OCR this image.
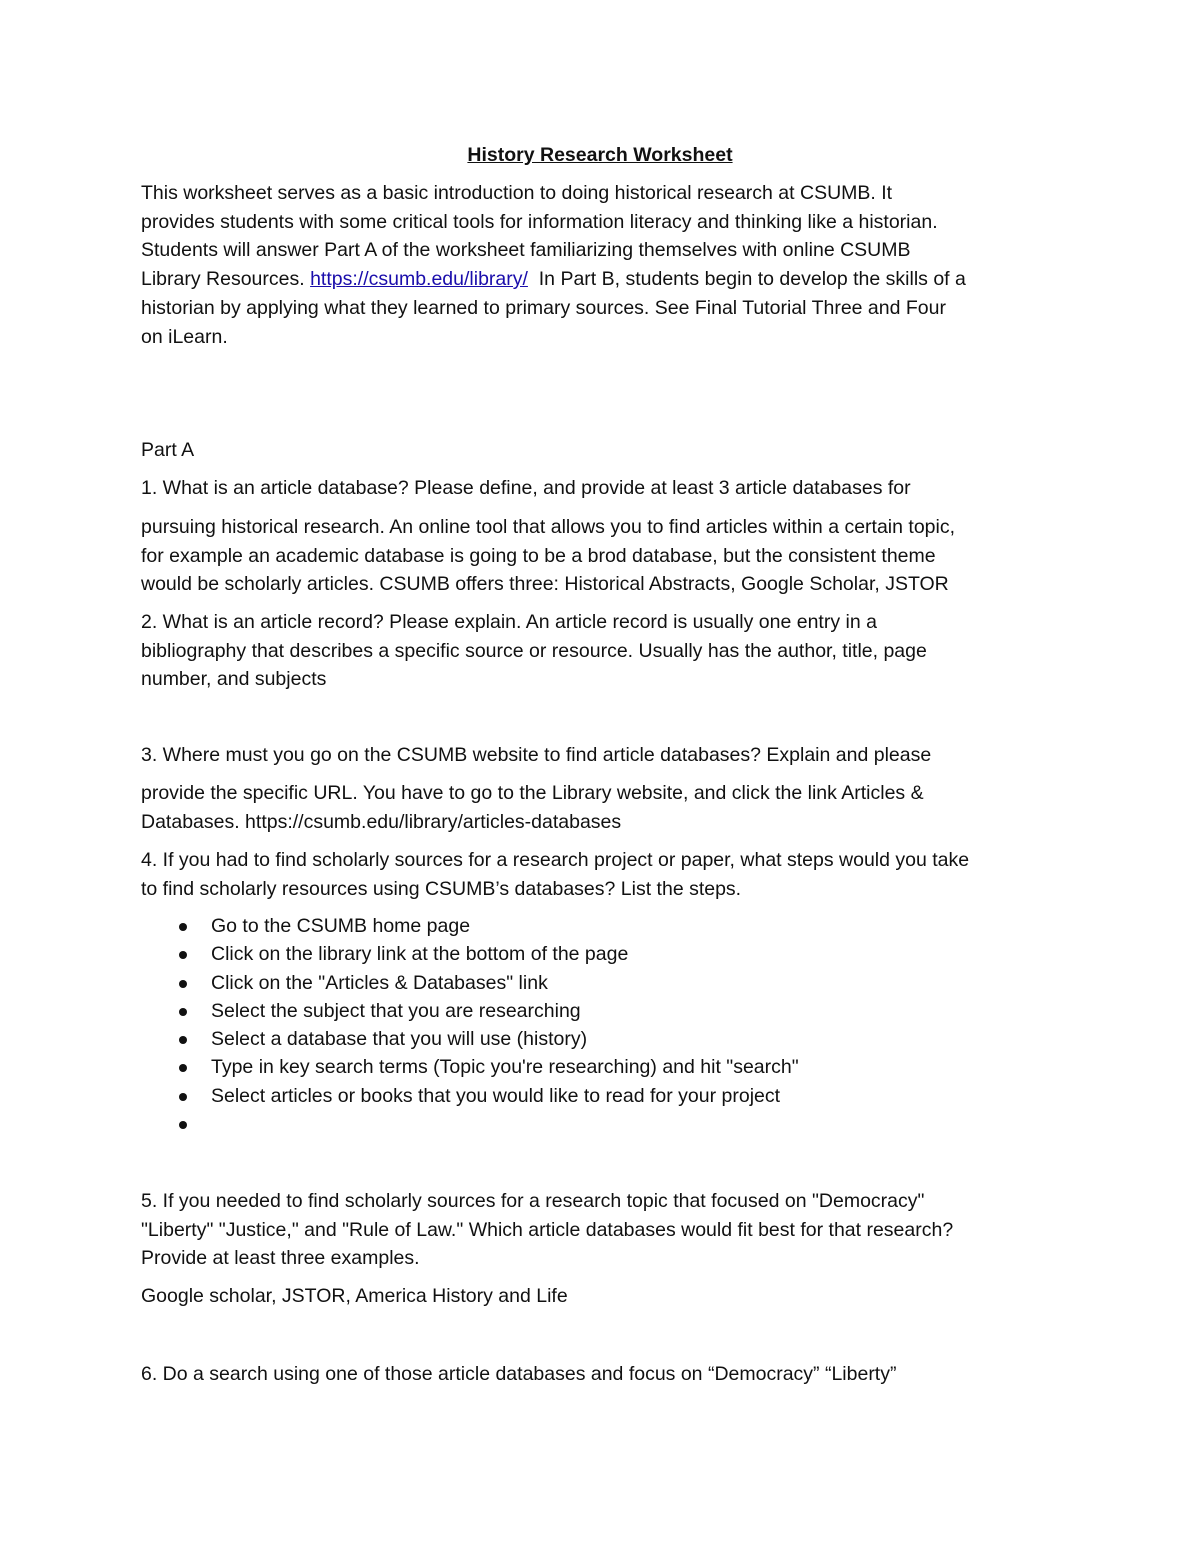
History Research Worksheet

This worksheet serves as a basic introduction to doing historical research at CSUMB. It
provides students with some critical tools for information literacy and thinking like a historian.
Students will answer Part A of the worksheet familiarizing themselves with online CSUMB
Library Resources. https://csumb.edu/library/  In Part B, students begin to develop the skills of a
historian by applying what they learned to primary sources. See Final Tutorial Three and Four
on iLearn.

Part A

1. What is an article database? Please define, and provide at least 3 article databases for

pursuing historical research. An online tool that allows you to find articles within a certain topic,
for example an academic database is going to be a brod database, but the consistent theme
would be scholarly articles. CSUMB offers three: Historical Abstracts, Google Scholar, JSTOR

2. What is an article record? Please explain. An article record is usually one entry in a
bibliography that describes a specific source or resource. Usually has the author, title, page
number, and subjects

3. Where must you go on the CSUMB website to find article databases? Explain and please

provide the specific URL. You have to go to the Library website, and click the link Articles &
Databases. https://csumb.edu/library/articles-databases

4. If you had to find scholarly sources for a research project or paper, what steps would you take
to find scholarly resources using CSUMB’s databases? List the steps.

Go to the CSUMB home page
Click on the library link at the bottom of the page
Click on the "Articles & Databases" link
Select the subject that you are researching
Select a database that you will use (history)
Type in key search terms (Topic you're researching) and hit "search"
Select articles or books that you would like to read for your project

5. If you needed to find scholarly sources for a research topic that focused on "Democracy"
"Liberty" "Justice," and "Rule of Law." Which article databases would fit best for that research?
Provide at least three examples.

Google scholar, JSTOR, America History and Life

6. Do a search using one of those article databases and focus on “Democracy” “Liberty”
